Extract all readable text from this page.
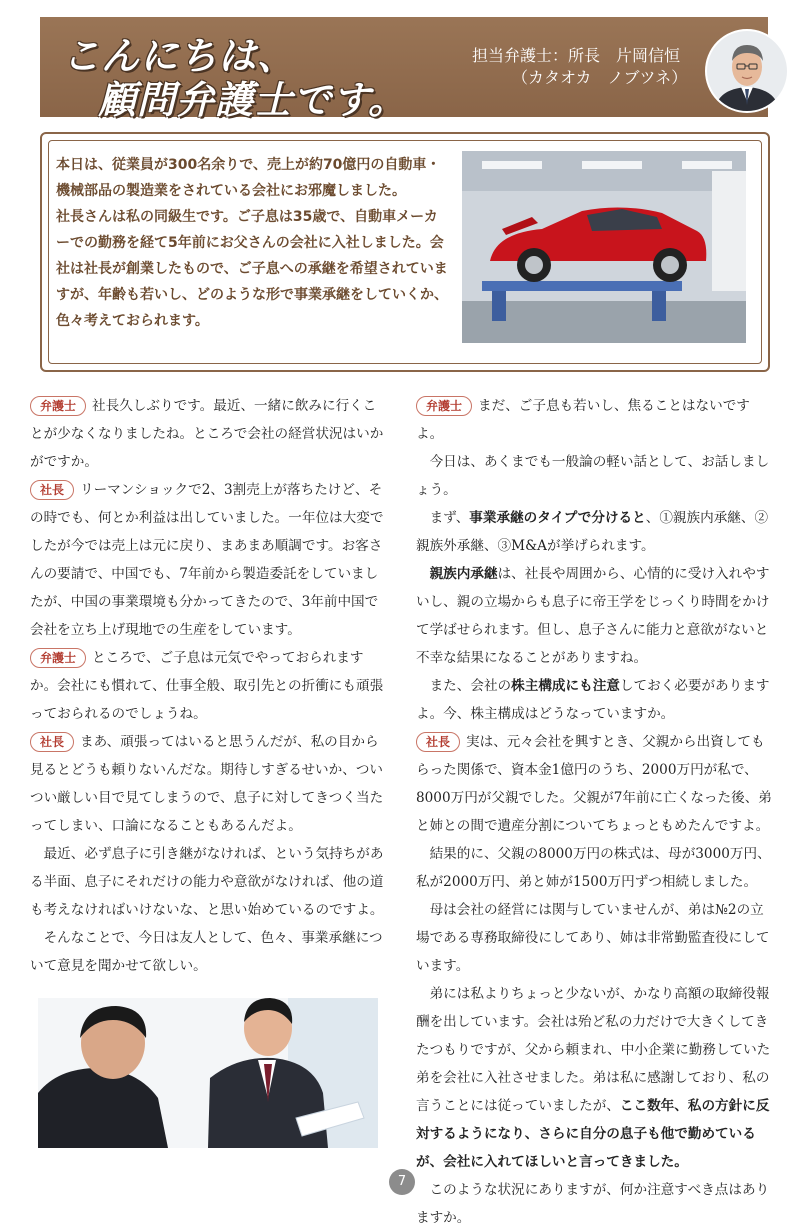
こんにちは、
顧問弁護士です。
担当弁護士：所長　片岡信恒
（カタオカ　ノブツネ）

本日は、従業員が300名余りで、売上が約70億円の自動車・機械部品の製造業をされている会社にお邪魔しました。

社長さんは私の同級生です。ご子息は35歳で、自動車メーカーでの勤務を経て5年前にお父さんの会社に入社しました。会社は社長が創業したもので、ご子息への承継を希望されていますが、年齢も若いし、どのような形で事業承継をしていくか、色々考えておられます。

弁護士 社長久しぶりです。最近、一緒に飲みに行くことが少なくなりましたね。ところで会社の経営状況はいかがですか。

社長 リーマンショックで2、3割売上が落ちたけど、その時でも、何とか利益は出していました。一年位は大変でしたが今では売上は元に戻り、まあまあ順調です。お客さんの要請で、中国でも、7年前から製造委託をしていましたが、中国の事業環境も分かってきたので、3年前中国で会社を立ち上げ現地での生産をしています。

弁護士 ところで、ご子息は元気でやっておられますか。会社にも慣れて、仕事全般、取引先との折衝にも頑張っておられるのでしょうね。

社長 まあ、頑張ってはいると思うんだが、私の目から見るとどうも頼りないんだな。期待しすぎるせいか、ついつい厳しい目で見てしまうので、息子に対してきつく当たってしまい、口論になることもあるんだよ。

最近、必ず息子に引き継がなければ、という気持ちがある半面、息子にそれだけの能力や意欲がなければ、他の道も考えなければいけないな、と思い始めているのですよ。

そんなことで、今日は友人として、色々、事業承継について意見を聞かせて欲しい。

弁護士 まだ、ご子息も若いし、焦ることはないですよ。

今日は、あくまでも一般論の軽い話として、お話しましょう。

まず、事業承継のタイプで分けると、①親族内承継、②親族外承継、③M&Aが挙げられます。

親族内承継は、社長や周囲から、心情的に受け入れやすいし、親の立場からも息子に帝王学をじっくり時間をかけて学ばせられます。但し、息子さんに能力と意欲がないと不幸な結果になることがありますね。

また、会社の株主構成にも注意しておく必要がありますよ。今、株主構成はどうなっていますか。

社長 実は、元々会社を興すとき、父親から出資してもらった関係で、資本金1億円のうち、2000万円が私で、8000万円が父親でした。父親が7年前に亡くなった後、弟と姉との間で遺産分割についてちょっともめたんですよ。

結果的に、父親の8000万円の株式は、母が3000万円、私が2000万円、弟と姉が1500万円ずつ相続しました。

母は会社の経営には関与していませんが、弟は№2の立場である専務取締役にしてあり、姉は非常勤監査役にしています。

弟には私よりちょっと少ないが、かなり高額の取締役報酬を出しています。会社は殆ど私の力だけで大きくしてきたつもりですが、父から頼まれ、中小企業に勤務していた弟を会社に入社させました。弟は私に感謝しており、私の言うことには従っていましたが、ここ数年、私の方針に反対するようになり、さらに自分の息子も他で勤めているが、会社に入れてほしいと言ってきました。

このような状況にありますが、何か注意すべき点はありますか。

7
